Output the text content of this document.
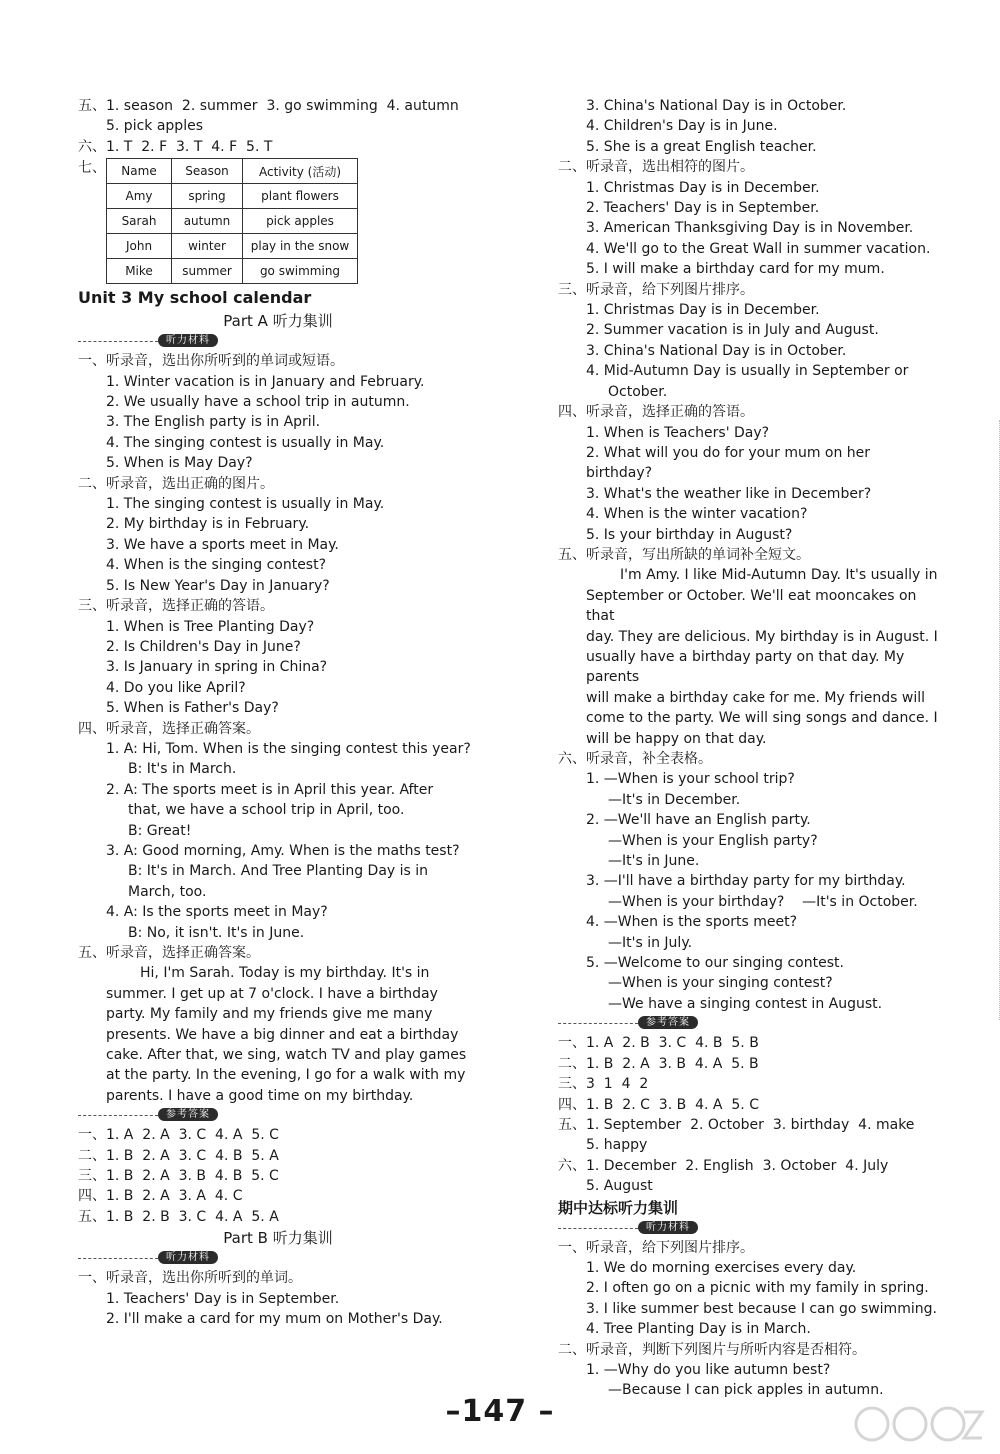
五、1. season  2. summer  3. go swimming  4. autumn
5. pick apples
六、1. T  2. F  3. T  4. F  5. T
七、 Name	Season	Activity (活动)
Amy	spring	plant flowers
Sarah	autumn	pick apples
John	winter	play in the snow
Mike	summer	go swimming
Unit 3 My school calendar
Part A 听力集训
听力材料
一、听录音，选出你所听到的单词或短语。
1. Winter vacation is in January and February.
2. We usually have a school trip in autumn.
3. The English party is in April.
4. The singing contest is usually in May.
5. When is May Day?
二、听录音，选出正确的图片。
1. The singing contest is usually in May.
2. My birthday is in February.
3. We have a sports meet in May.
4. When is the singing contest?
5. Is New Year's Day in January?
三、听录音，选择正确的答语。
1. When is Tree Planting Day?
2. Is Children's Day in June?
3. Is January in spring in China?
4. Do you like April?
5. When is Father's Day?
四、听录音，选择正确答案。
1. A: Hi, Tom. When is the singing contest this year?
B: It's in March.
2. A: The sports meet is in April this year. After
that, we have a school trip in April, too.
B: Great!
3. A: Good morning, Amy. When is the maths test?
B: It's in March. And Tree Planting Day is in
March, too.
4. A: Is the sports meet in May?
B: No, it isn't. It's in June.
五、听录音，选择正确答案。
Hi, I'm Sarah. Today is my birthday. It's in
summer. I get up at 7 o'clock. I have a birthday
party. My family and my friends give me many
presents. We have a big dinner and eat a birthday
cake. After that, we sing, watch TV and play games
at the party. In the evening, I go for a walk with my
parents. I have a good time on my birthday.
参考答案
一、1. A  2. A  3. C  4. A  5. C
二、1. B  2. A  3. C  4. B  5. A
三、1. B  2. A  3. B  4. B  5. C
四、1. B  2. A  3. A  4. C
五、1. B  2. B  3. C  4. A  5. A
Part B 听力集训
听力材料
一、听录音，选出你所听到的单词。
1. Teachers' Day is in September.
2. I'll make a card for my mum on Mother's Day.
3. China's National Day is in October.
4. Children's Day is in June.
5. She is a great English teacher.
二、听录音，选出相符的图片。
1. Christmas Day is in December.
2. Teachers' Day is in September.
3. American Thanksgiving Day is in November.
4. We'll go to the Great Wall in summer vacation.
5. I will make a birthday card for my mum.
三、听录音，给下列图片排序。
1. Christmas Day is in December.
2. Summer vacation is in July and August.
3. China's National Day is in October.
4. Mid-Autumn Day is usually in September or
October.
四、听录音，选择正确的答语。
1. When is Teachers' Day?
2. What will you do for your mum on her birthday?
3. What's the weather like in December?
4. When is the winter vacation?
5. Is your birthday in August?
五、听录音，写出所缺的单词补全短文。
I'm Amy. I like Mid-Autumn Day. It's usually in
September or October. We'll eat mooncakes on that
day. They are delicious. My birthday is in August. I
usually have a birthday party on that day. My parents
will make a birthday cake for me. My friends will
come to the party. We will sing songs and dance. I
will be happy on that day.
六、听录音，补全表格。
1. —When is your school trip?
—It's in December.
2. —We'll have an English party.
—When is your English party?
—It's in June.
3. —I'll have a birthday party for my birthday.
—When is your birthday?    —It's in October.
4. —When is the sports meet?
—It's in July.
5. —Welcome to our singing contest.
—When is your singing contest?
—We have a singing contest in August.
参考答案
一、1. A  2. B  3. C  4. B  5. B
二、1. B  2. A  3. B  4. A  5. B
三、3  1  4  2
四、1. B  2. C  3. B  4. A  5. C
五、1. September  2. October  3. birthday  4. make
5. happy
六、1. December  2. English  3. October  4. July
5. August
期中达标听力集训
听力材料
一、听录音，给下列图片排序。
1. We do morning exercises every day.
2. I often go on a picnic with my family in spring.
3. I like summer best because I can go swimming.
4. Tree Planting Day is in March.
二、听录音，判断下列图片与所听内容是否相符。
1. —Why do you like autumn best?
—Because I can pick apples in autumn.
–147 –
